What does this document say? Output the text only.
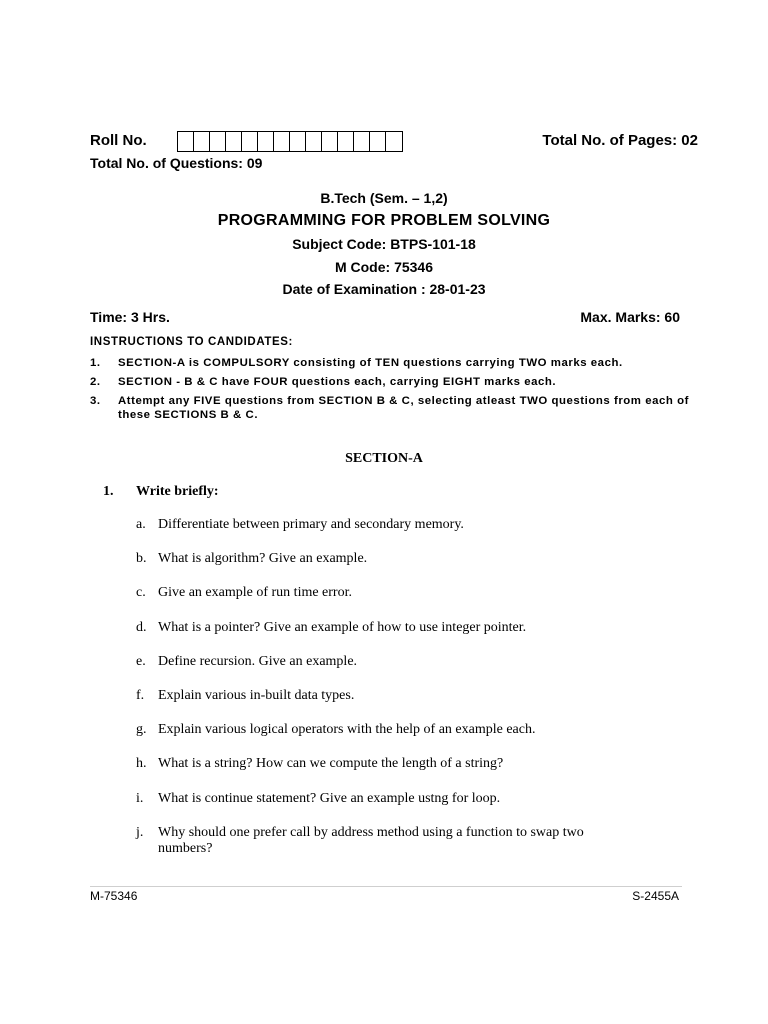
Roll No.	Total No. of Pages: 02
Total No. of Questions: 09
B.Tech (Sem. – 1,2)
PROGRAMMING FOR PROBLEM SOLVING
Subject Code: BTPS-101-18
M Code: 75346
Date of Examination : 28-01-23
Time: 3 Hrs.	Max. Marks: 60
INSTRUCTIONS TO CANDIDATES:
1.	SECTION-A is COMPULSORY consisting of TEN questions carrying TWO marks each.
2.	SECTION - B & C have FOUR questions each, carrying EIGHT marks each.
3.	Attempt any FIVE questions from SECTION B & C, selecting atleast TWO questions from each of these SECTIONS B & C.
SECTION-A
1. Write briefly:
a. Differentiate between primary and secondary memory.
b. What is algorithm? Give an example.
c. Give an example of run time error.
d. What is a pointer? Give an example of how to use integer pointer.
e. Define recursion. Give an example.
f. Explain various in-built data types.
g. Explain various logical operators with the help of an example each.
h. What is a string? How can we compute the length of a string?
i.	What is continue statement? Give an example ustng for loop.
j.	Why should one prefer call by address method using a function to swap two numbers?
M-75346	S-2455A
